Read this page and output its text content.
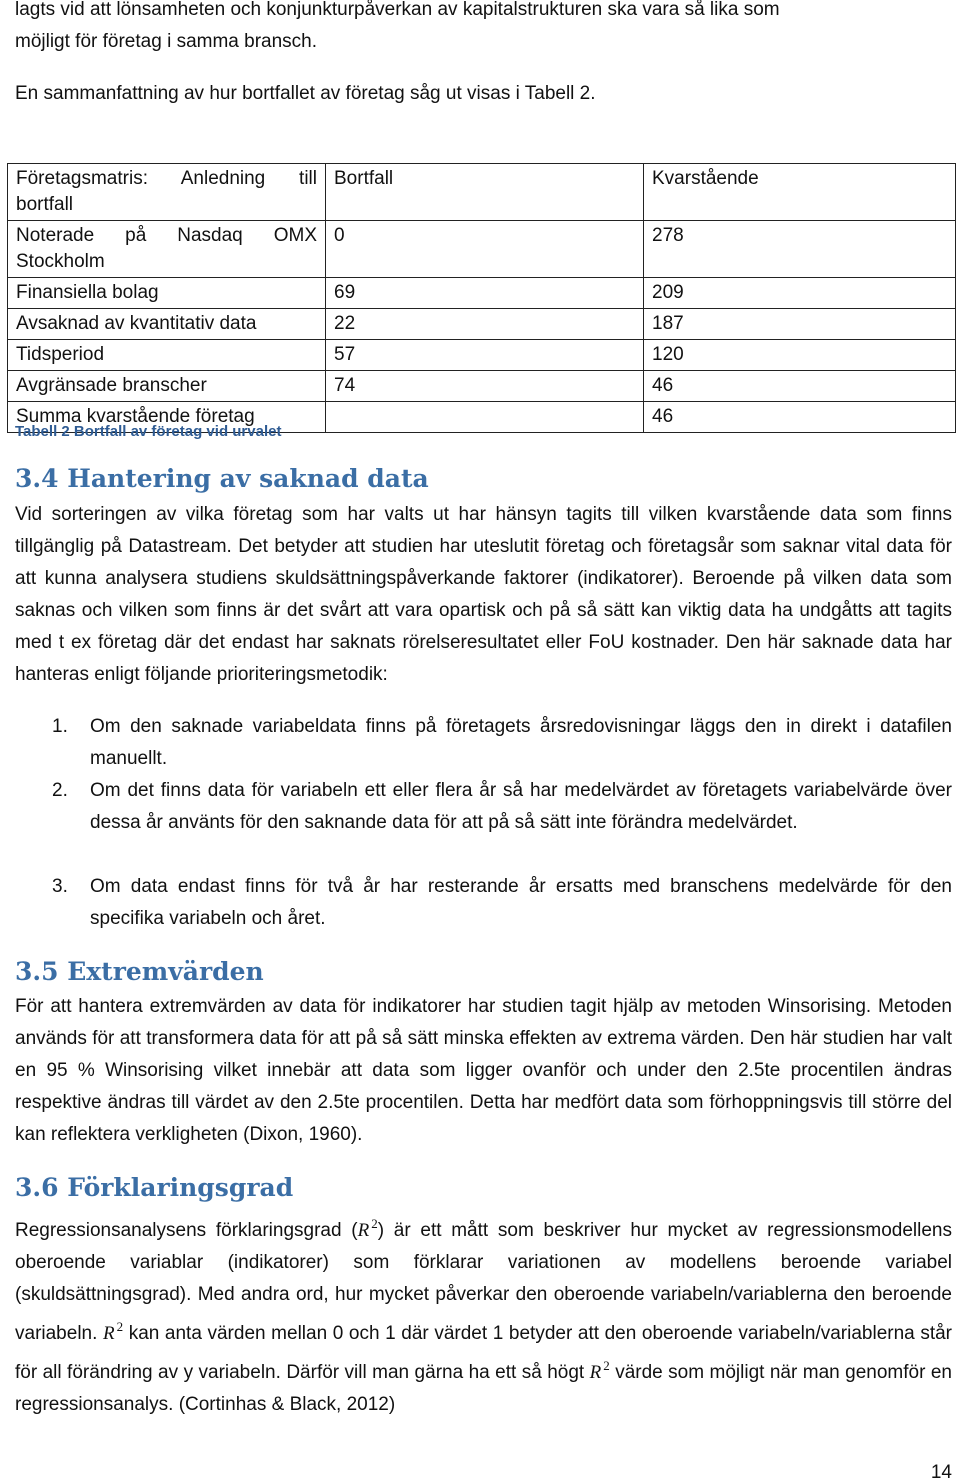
lagts vid att lönsamheten och konjunkturpåverkan av kapitalstrukturen ska vara så lika som

möjligt för företag i samma bransch.

En sammanfattning av hur bortfallet av företag såg ut visas i Tabell 2.

Företagsmatris: Anledning till bortfall	Bortfall	Kvarstående
Noterade på Nasdaq OMX Stockholm	0	278
Finansiella bolag	69	209
Avsaknad av kvantitativ data	22	187
Tidsperiod	57	120
Avgränsade branscher	74	46
Summa kvarstående företag		46
Tabell 2 Bortfall av företag vid urvalet
3.4 Hantering av saknad data

Vid sorteringen av vilka företag som har valts ut har hänsyn tagits till vilken kvarstående data som finns tillgänglig på Datastream. Det betyder att studien har uteslutit företag och företagsår som saknar vital data för att kunna analysera studiens skuldsättningspåverkande faktorer (indikatorer). Beroende på vilken data som saknas och vilken som finns är det svårt att vara opartisk och på så sätt kan viktig data ha undgåtts att tagits med t ex företag där det endast har saknats rörelseresultatet eller FoU kostnader. Den här saknade data har hanteras enligt följande prioriteringsmetodik:

1. Om den saknade variabeldata finns på företagets årsredovisningar läggs den in direkt i datafilen manuellt.

2. Om det finns data för variabeln ett eller flera år så har medelvärdet av företagets variabelvärde över dessa år använts för den saknande data för att på så sätt inte förändra medelvärdet.

3. Om data endast finns för två år har resterande år ersatts med branschens medelvärde för den specifika variabeln och året.

3.5 Extremvärden

För att hantera extremvärden av data för indikatorer har studien tagit hjälp av metoden Winsorising. Metoden används för att transformera data för att på så sätt minska effekten av extrema värden. Den här studien har valt en 95 % Winsorising vilket innebär att data som ligger ovanför och under den 2.5te procentilen ändras respektive ändras till värdet av den 2.5te procentilen. Detta har medfört data som förhoppningsvis till större del kan reflektera verkligheten (Dixon, 1960).

3.6 Förklaringsgrad

Regressionsanalysens förklaringsgrad (R $^2$) är ett mått som beskriver hur mycket av regressionsmodellens oberoende variablar (indikatorer) som förklarar variationen av modellens beroende variabel (skuldsättningsgrad). Med andra ord, hur mycket påverkar den oberoende variabeln/variablerna den beroende variabeln. R $^2$ kan anta värden mellan 0 och 1 där värdet 1 betyder att den oberoende variabeln/variablerna står för all förändring av y variabeln. Därför vill man gärna ha ett så högt R $^2$ värde som möjligt när man genomför en regressionsanalys. (Cortinhas & Black, 2012)

14
